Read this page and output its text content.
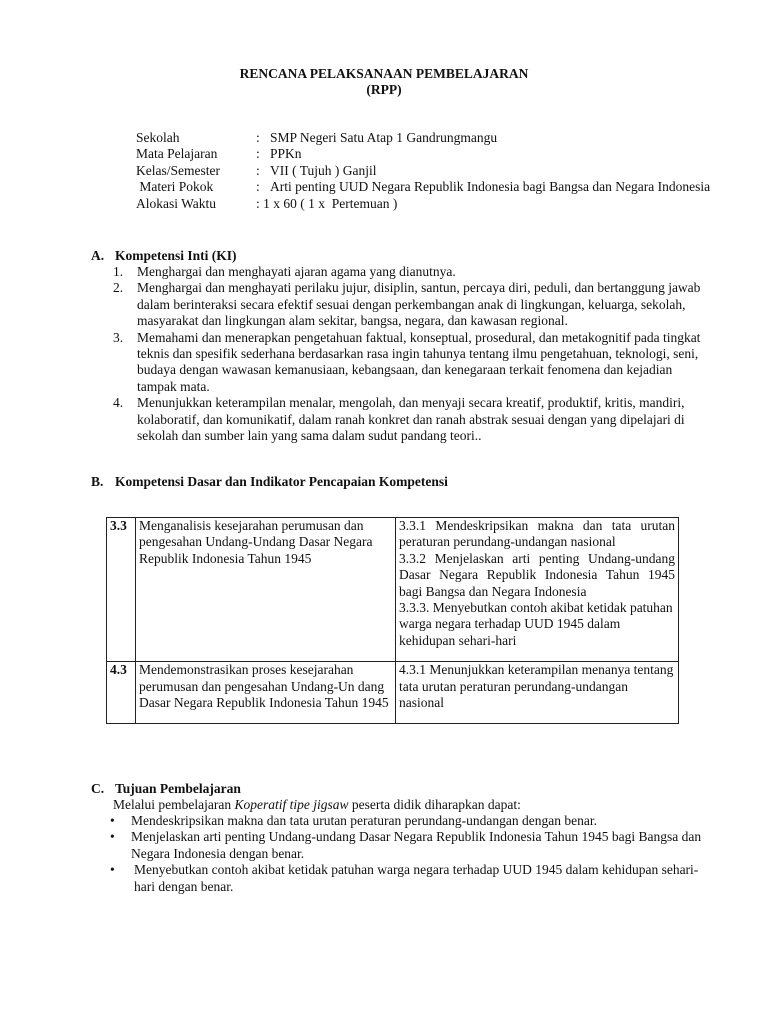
RENCANA PELAKSANAAN PEMBELAJARAN
(RPP)
Sekolah	: SMP Negeri Satu Atap 1 Gandrungmangu
Mata Pelajaran	: PPKn
Kelas/Semester	: VII ( Tujuh ) Ganjil
Materi Pokok	: Arti penting UUD Negara Republik Indonesia bagi Bangsa dan Negara Indonesia
Alokasi Waktu	: 1 x 60 ( 1 x  Pertemuan )
A. Kompetensi Inti (KI)
1.	Menghargai dan menghayati ajaran agama yang dianutnya.
2.	Menghargai dan menghayati perilaku jujur, disiplin, santun, percaya diri, peduli, dan bertanggung jawab dalam berinteraksi secara efektif sesuai dengan perkembangan anak di lingkungan, keluarga, sekolah, masyarakat dan lingkungan alam sekitar, bangsa, negara, dan kawasan regional.
3.	Memahami dan menerapkan pengetahuan faktual, konseptual, prosedural, dan metakognitif pada tingkat teknis dan spesifik sederhana berdasarkan rasa ingin tahunya tentang ilmu pengetahuan, teknologi, seni, budaya dengan wawasan kemanusiaan, kebangsaan, dan kenegaraan terkait fenomena dan kejadian tampak mata.
4.	Menunjukkan keterampilan menalar, mengolah, dan menyaji secara kreatif, produktif, kritis, mandiri, kolaboratif, dan komunikatif, dalam ranah konkret dan ranah abstrak sesuai dengan yang dipelajari di sekolah dan sumber lain yang sama dalam sudut pandang teori..
B. Kompetensi Dasar dan Indikator Pencapaian Kompetensi
3.3	Menganalisis kesejarahan perumusan dan pengesahan Undang-Undang Dasar Negara Republik Indonesia Tahun 1945	3.3.1 Mendeskripsikan makna dan tata urutan peraturan perundang-undangan nasional
3.3.2 Menjelaskan arti penting Undang-undang Dasar Negara Republik Indonesia Tahun 1945 bagi Bangsa dan Negara Indonesia
3.3.3. Menyebutkan contoh akibat ketidak patuhan warga negara terhadap UUD 1945 dalam kehidupan sehari-hari

4.3	Mendemonstrasikan proses kesejarahan perumusan dan pengesahan Undang-Un dang Dasar Negara Republik Indonesia Tahun 1945	4.3.1 Menunjukkan keterampilan menanya tentang tata urutan peraturan perundang-undangan nasional
C. Tujuan Pembelajaran
Melalui pembelajaran Koperatif tipe jigsaw peserta didik diharapkan dapat:
•	Mendeskripsikan makna dan tata urutan peraturan perundang-undangan dengan benar.
•	Menjelaskan arti penting Undang-undang Dasar Negara Republik Indonesia Tahun 1945 bagi Bangsa dan Negara Indonesia dengan benar.
•	Menyebutkan contoh akibat ketidak patuhan warga negara terhadap UUD 1945 dalam kehidupan sehari-hari dengan benar.
